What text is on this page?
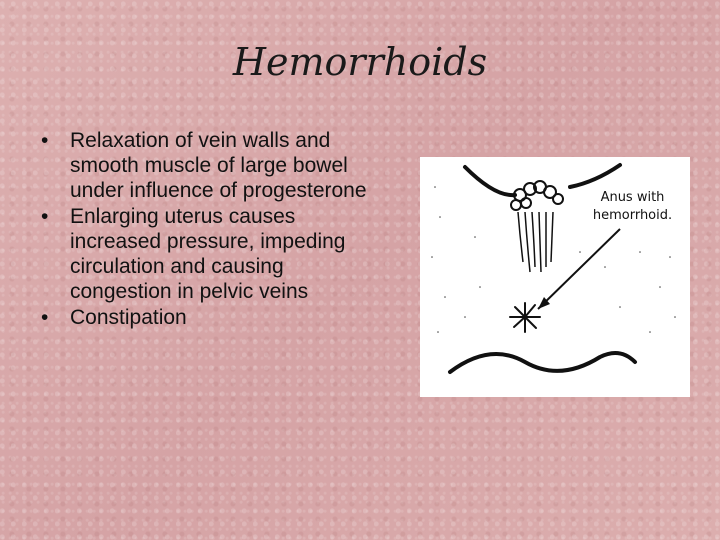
Hemorrhoids
• Relaxation of vein walls and smooth muscle of large bowel under influence of progesterone
• Enlarging uterus causes increased pressure, impeding circulation and causing congestion in pelvic veins
• Constipation
Anus with hemorrhoid.
